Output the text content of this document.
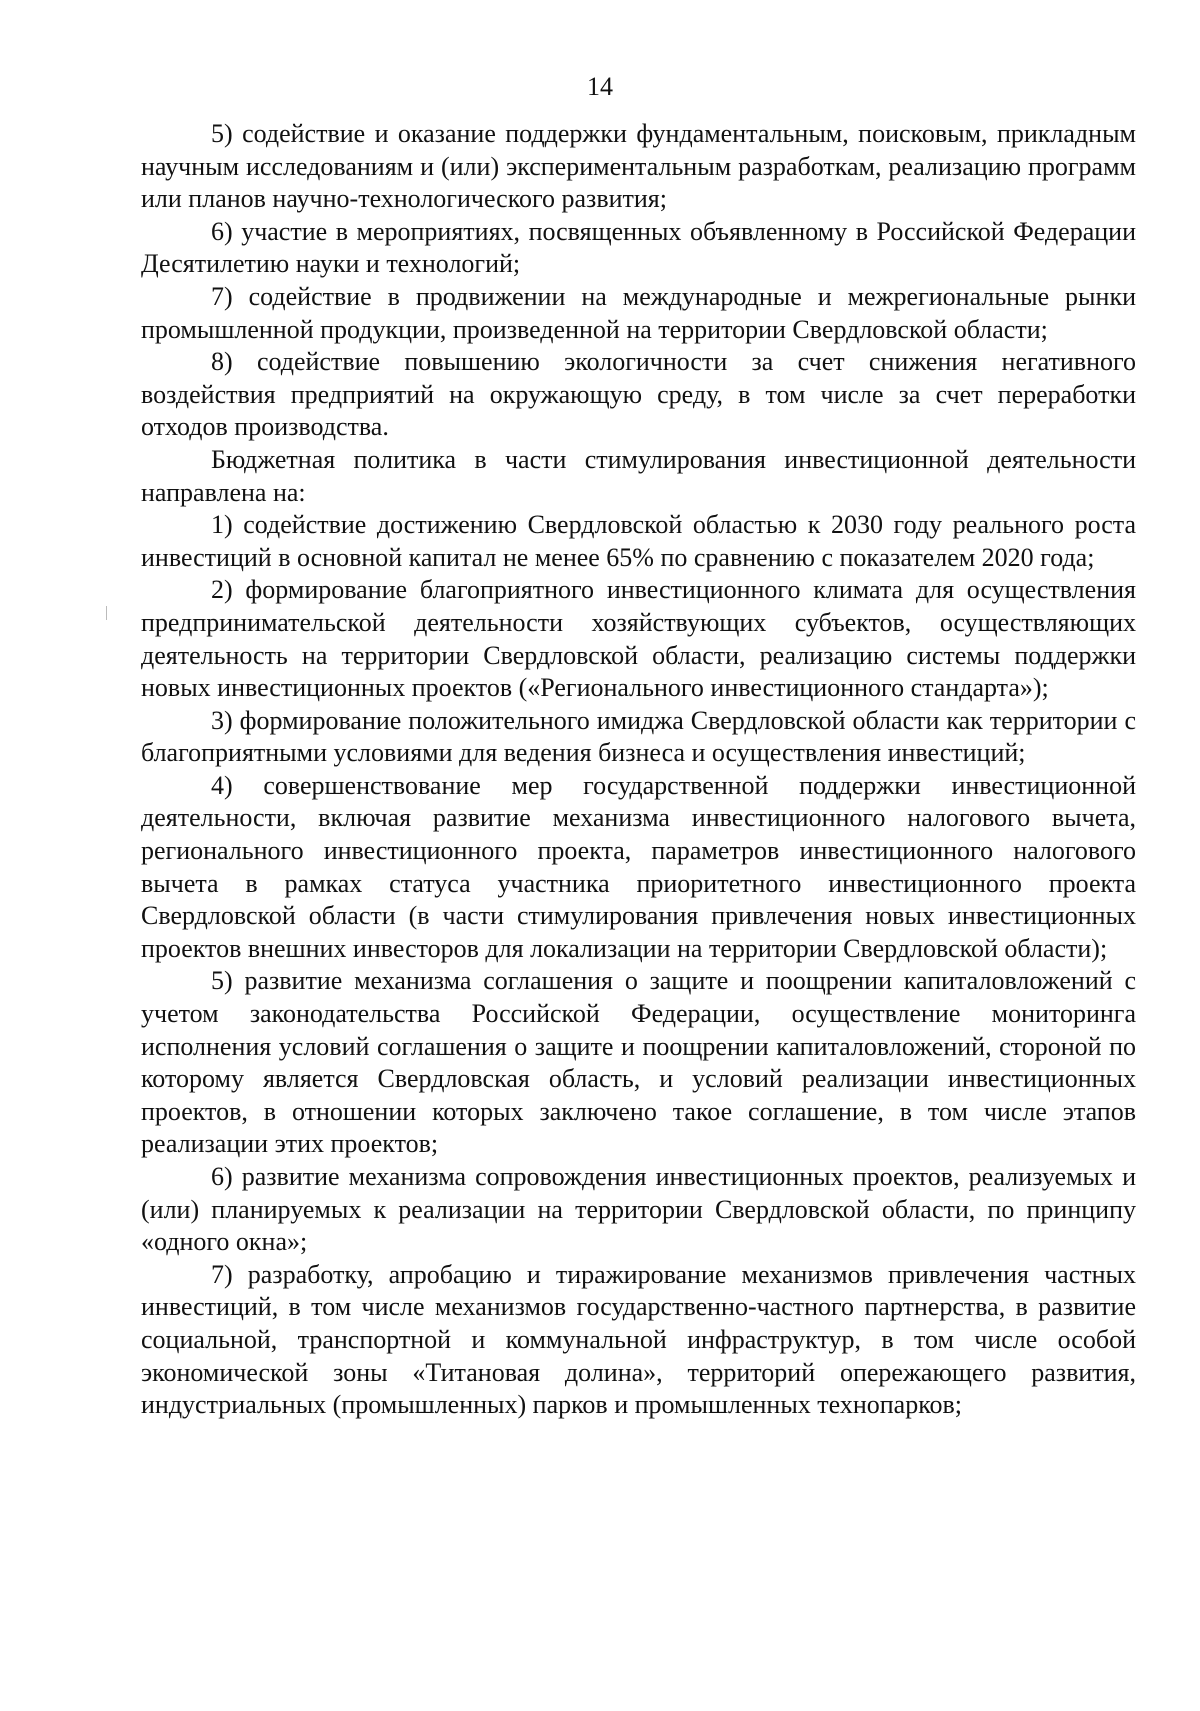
14

5) содействие и оказание поддержки фундаментальным, поисковым, прикладным научным исследованиям и (или) экспериментальным разработкам, реализацию программ или планов научно-технологического развития;

6) участие в мероприятиях, посвященных объявленному в Российской Федерации Десятилетию науки и технологий;

7) содействие в продвижении на международные и межрегиональные рынки промышленной продукции, произведенной на территории Свердловской области;

8) содействие повышению экологичности за счет снижения негативного воздействия предприятий на окружающую среду, в том числе за счет переработки отходов производства.

Бюджетная политика в части стимулирования инвестиционной деятельности направлена на:

1) содействие достижению Свердловской областью к 2030 году реального роста инвестиций в основной капитал не менее 65% по сравнению с показателем 2020 года;

2) формирование благоприятного инвестиционного климата для осуществления предпринимательской деятельности хозяйствующих субъектов, осуществляющих деятельность на территории Свердловской области, реализацию системы поддержки новых инвестиционных проектов («Регионального инвестиционного стандарта»);

3) формирование положительного имиджа Свердловской области как территории с благоприятными условиями для ведения бизнеса и осуществления инвестиций;

4) совершенствование мер государственной поддержки инвестиционной деятельности, включая развитие механизма инвестиционного налогового вычета, регионального инвестиционного проекта, параметров инвестиционного налогового вычета в рамках статуса участника приоритетного инвестиционного проекта Свердловской области (в части стимулирования привлечения новых инвестиционных проектов внешних инвесторов для локализации на территории Свердловской области);

5) развитие механизма соглашения о защите и поощрении капиталовложений с учетом законодательства Российской Федерации, осуществление мониторинга исполнения условий соглашения о защите и поощрении капиталовложений, стороной по которому является Свердловская область, и условий реализации инвестиционных проектов, в отношении которых заключено такое соглашение, в том числе этапов реализации этих проектов;

6) развитие механизма сопровождения инвестиционных проектов, реализуемых и (или) планируемых к реализации на территории Свердловской области, по принципу «одного окна»;

7) разработку, апробацию и тиражирование механизмов привлечения частных инвестиций, в том числе механизмов государственно-частного партнерства, в развитие социальной, транспортной и коммунальной инфраструктур, в том числе особой экономической зоны «Титановая долина», территорий опережающего развития, индустриальных (промышленных) парков и промышленных технопарков;
